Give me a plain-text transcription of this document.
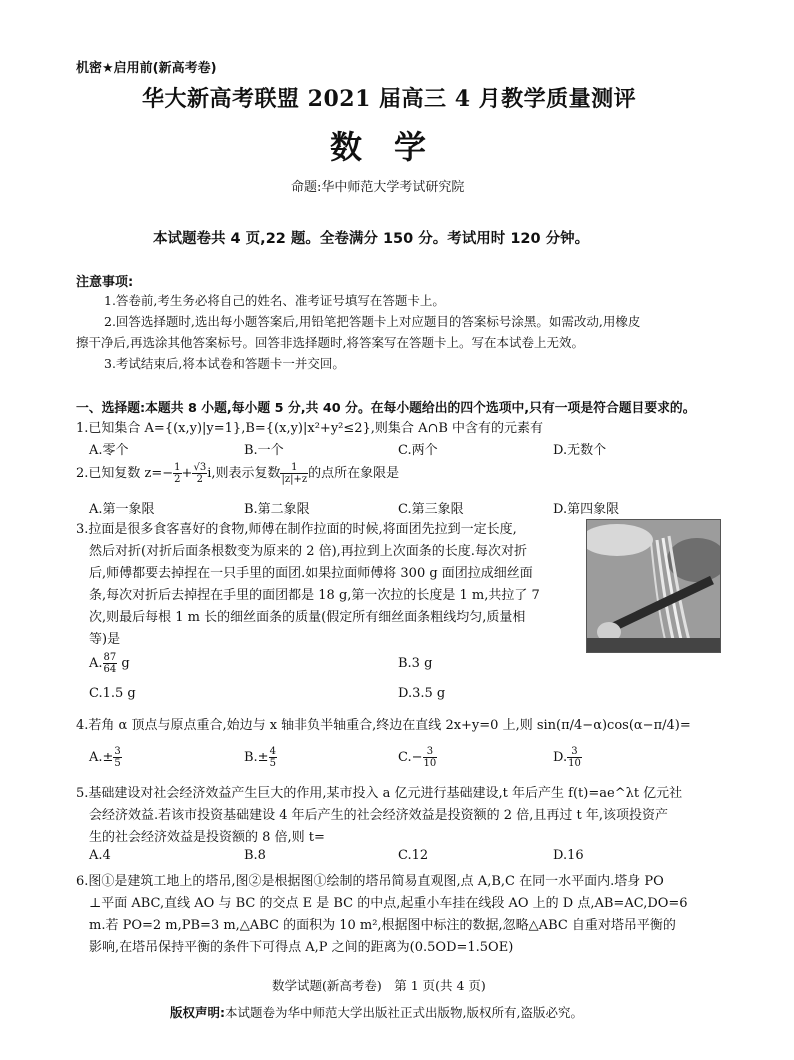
机密★启用前(新高考卷)
华大新高考联盟 2021 届高三 4 月教学质量测评
数　学
命题:华中师范大学考试研究院
本试题卷共 4 页,22 题。全卷满分 150 分。考试用时 120 分钟。
注意事项:
1.答卷前,考生务必将自己的姓名、准考证号填写在答题卡上。
2.回答选择题时,选出每小题答案后,用铅笔把答题卡上对应题目的答案标号涂黑。如需改动,用橡皮
擦干净后,再选涂其他答案标号。回答非选择题时,将答案写在答题卡上。写在本试卷上无效。
3.考试结束后,将本试卷和答题卡一并交回。
一、选择题:本题共 8 小题,每小题 5 分,共 40 分。在每小题给出的四个选项中,只有一项是符合题目要求的。
1.已知集合 A={(x,y)|y=1},B={(x,y)|x²+y²≤2},则集合 A∩B 中含有的元素有
A.零个	B.一个	C.两个	D.无数个
2.已知复数 $z=- \frac{1}{2} + \frac{√3}{2} i$,则表示复数 $\frac{1}{|z|+z}$ 的点所在象限是
A.第一象限	B.第二象限	C.第三象限	D.第四象限
3.拉面是很多食客喜好的食物,师傅在制作拉面的时候,将面团先拉到一定长度,
然后对折(对折后面条根数变为原来的 2 倍),再拉到上次面条的长度.每次对折
后,师傅都要去掉捏在一只手里的面团.如果拉面师傅将 300 g 面团拉成细丝面
条,每次对折后去掉捏在手里的面团都是 18 g,第一次拉的长度是 1 m,共拉了 7
次,则最后每根 1 m 长的细丝面条的质量(假定所有细丝面条粗线均匀,质量相
等)是
A. $\frac{87}{64}$ g	B.3 g
C.1.5 g	D.3.5 g
4.若角 α 顶点与原点重合,始边与 x 轴非负半轴重合,终边在直线 2x+y=0 上,则 sin(π/4−α)cos(α−π/4)=
$A.\pm \frac{3}{5}$	$B.\pm \frac{4}{5}$	$C.- \frac{3}{10}$	D. $\frac{3}{10}$
5.基础建设对社会经济效益产生巨大的作用,某市投入 a 亿元进行基础建设,t 年后产生 f(t)=ae^λt 亿元社
会经济效益.若该市投资基础建设 4 年后产生的社会经济效益是投资额的 2 倍,且再过 t 年,该项投资产
生的社会经济效益是投资额的 8 倍,则 t=
A.4	B.8	C.12	D.16
6.图①是建筑工地上的塔吊,图②是根据图①绘制的塔吊简易直观图,点 A,B,C 在同一水平面内.塔身 PO
⊥平面 ABC,直线 AO 与 BC 的交点 E 是 BC 的中点,起重小车挂在线段 AO 上的 D 点,AB=AC,DO=6
m.若 PO=2 m,PB=3 m,△ABC 的面积为 10 m²,根据图中标注的数据,忽略△ABC 自重对塔吊平衡的
影响,在塔吊保持平衡的条件下可得点 A,P 之间的距离为(0.5OD=1.5OE)
数学试题(新高考卷)　第 1 页(共 4 页)
版权声明:本试题卷为华中师范大学出版社正式出版物,版权所有,盗版必究。
